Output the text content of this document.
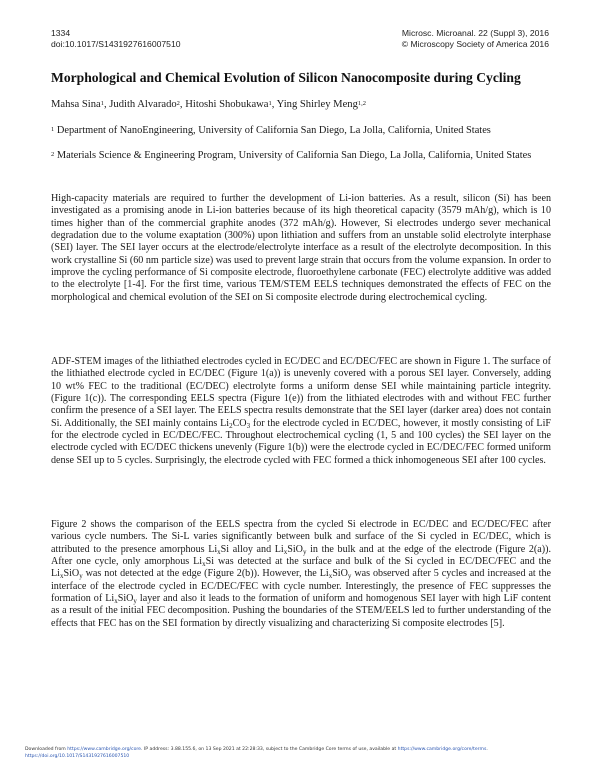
1334
doi:10.1017/S1431927616007510
Microsc. Microanal. 22 (Suppl 3), 2016
© Microscopy Society of America 2016
Morphological and Chemical Evolution of Silicon Nanocomposite during Cycling
Mahsa Sina$^1$, Judith Alvarado$^2$, Hitoshi Shobukawa$^1$, Ying Shirley Meng$^{1,2}$
$^1$ Department of NanoEngineering, University of California San Diego, La Jolla, California, United States
$^2$ Materials Science & Engineering Program, University of California San Diego, La Jolla, California, United States

High-capacity materials are required to further the development of Li-ion batteries. As a result, silicon (Si) has been investigated as a promising anode in Li-ion batteries because of its high theoretical capacity (3579 mAh/g), which is 10 times higher than of the commercial graphite anodes (372 mAh/g). However, Si electrodes undergo sever mechanical degradation due to the volume exaptation (300%) upon lithiation and suffers from an unstable solid electrolyte interphase (SEI) layer. The SEI layer occurs at the electrode/electrolyte interface as a result of the electrolyte decomposition. In this work crystalline Si (60 nm particle size) was used to prevent large strain that occurs from the volume expansion. In order to improve the cycling performance of Si composite electrode, fluoroethylene carbonate (FEC) electrolyte additive was added to the electrolyte [1-4]. For the first time, various TEM/STEM EELS techniques demonstrated the effects of FEC on the morphological and chemical evolution of the SEI on Si composite electrode during electrochemical cycling.

ADF-STEM images of the lithiathed electrodes cycled in EC/DEC and EC/DEC/FEC are shown in Figure 1. The surface of the lithiathed electrode cycled in EC/DEC (Figure 1(a)) is unevenly covered with a porous SEI layer. Conversely, adding 10 wt% FEC to the traditional (EC/DEC) electrolyte forms a uniform dense SEI while maintaining particle integrity. (Figure 1(c)). The corresponding EELS spectra (Figure 1(e)) from the lithiated electrodes with and without FEC further confirm the presence of a SEI layer. The EELS spectra results demonstrate that the SEI layer (darker area) does not contain Si. Additionally, the SEI mainly contains $Li_2CO_3$ for the electrode cycled in EC/DEC, however, it mostly consisting of LiF for the electrode cycled in EC/DEC/FEC. Throughout electrochemical cycling (1, 5 and 100 cycles) the SEI layer on the electrode cycled with EC/DEC thickens unevenly (Figure 1(b)) were the electrode cycled in EC/DEC/FEC formed uniform dense SEI up to 5 cycles. Surprisingly, the electrode cycled with FEC formed a thick inhomogeneous SEI after 100 cycles.

Figure 2 shows the comparison of the EELS spectra from the cycled Si electrode in EC/DEC and EC/DEC/FEC after various cycle numbers. The Si-L varies significantly between bulk and surface of the Si cycled in EC/DEC, which is attributed to the presence amorphous $Li_xSi$ alloy and $Li_xSiO_y$ in the bulk and at the edge of the electrode (Figure 2(a)). After one cycle, only amorphous $Li_xSi$ was detected at the surface and bulk of the Si cycled in EC/DEC/FEC and the $Li_xSiO_y$ was not detected at the edge (Figure 2(b)). However, the $Li_xSiO_y$ was observed after 5 cycles and increased at the interface of the electrode cycled in EC/DEC/FEC with cycle number. Interestingly, the presence of FEC suppresses the formation of $Li_xSiO_y$ layer and also it leads to the formation of uniform and homogenous SEI layer with high LiF content as a result of the initial FEC decomposition. Pushing the boundaries of the STEM/EELS led to further understanding of the effects that FEC has on the SEI formation by directly visualizing and characterizing Si composite electrodes [5].

Downloaded from https://www.cambridge.org/core. IP address: 3.88.155.6, on 13 Sep 2021 at 22:28:33, subject to the Cambridge Core terms of use, available at https://www.cambridge.org/core/terms.
https://doi.org/10.1017/S1431927616007510
